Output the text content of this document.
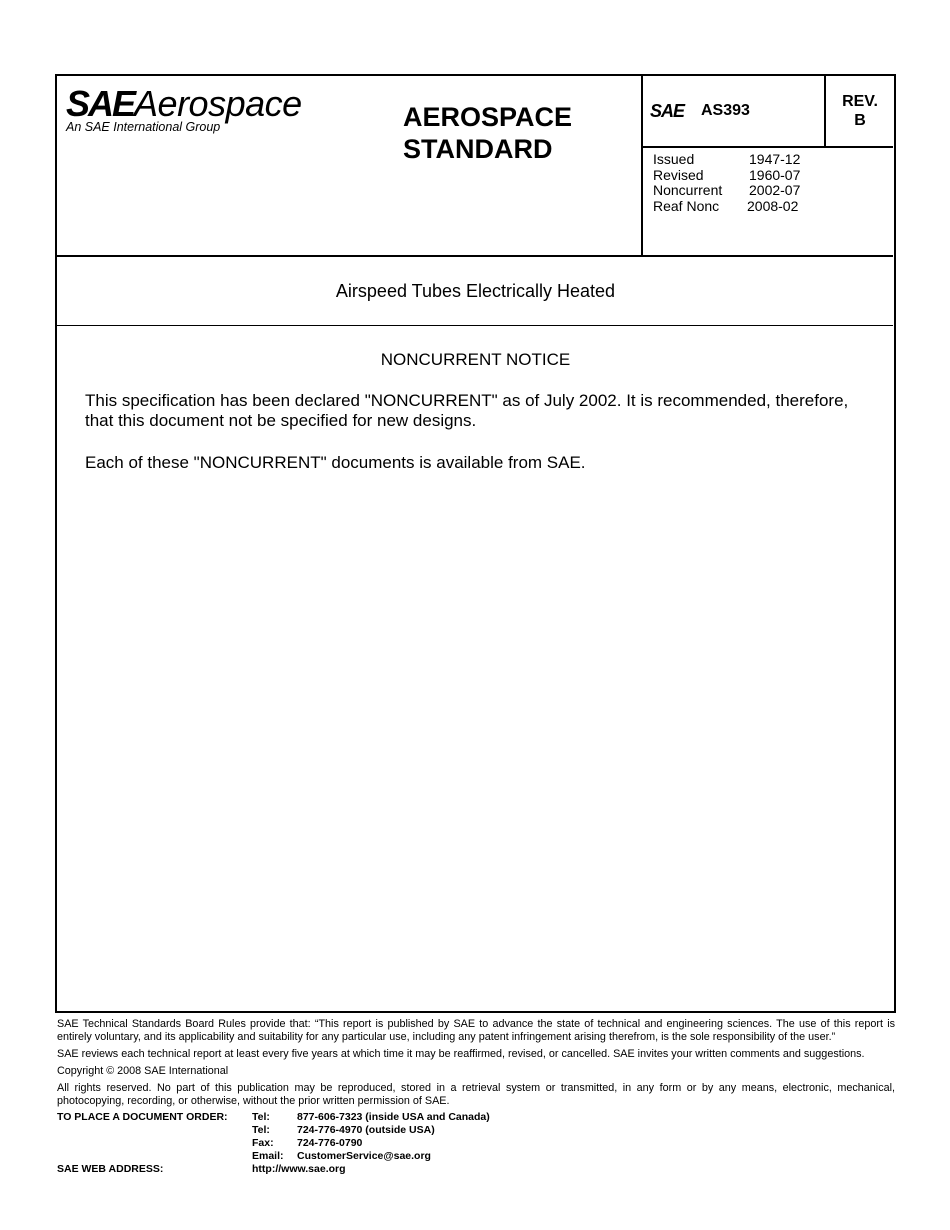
SAEAerospace
An SAE International Group	AEROSPACE
STANDARD
SAE AS393
REV.
B
Issued	1947-12
Revised	1960-07
Noncurrent	2002-07
Reaf Nonc	2008-02
Airspeed Tubes Electrically Heated
NONCURRENT NOTICE
This specification has been declared "NONCURRENT" as of July 2002. It is recommended, therefore, that this document not be specified for new designs.
Each of these "NONCURRENT" documents is available from SAE.
SAE Technical Standards Board Rules provide that: “This report is published by SAE to advance the state of technical and engineering sciences. The use of this report is entirely voluntary, and its applicability and suitability for any particular use, including any patent infringement arising therefrom, is the sole responsibility of the user.”
SAE reviews each technical report at least every five years at which time it may be reaffirmed, revised, or cancelled. SAE invites your written comments and suggestions.
Copyright © 2008 SAE International
All rights reserved. No part of this publication may be reproduced, stored in a retrieval system or transmitted, in any form or by any means, electronic, mechanical, photocopying, recording, or otherwise, without the prior written permission of SAE.
TO PLACE A DOCUMENT ORDER: Tel:	877-606-7323 (inside USA and Canada)
Tel:	724-776-4970 (outside USA)
Fax: 724-776-0790
Email: CustomerService@sae.org
SAE WEB ADDRESS:	http://www.sae.org
